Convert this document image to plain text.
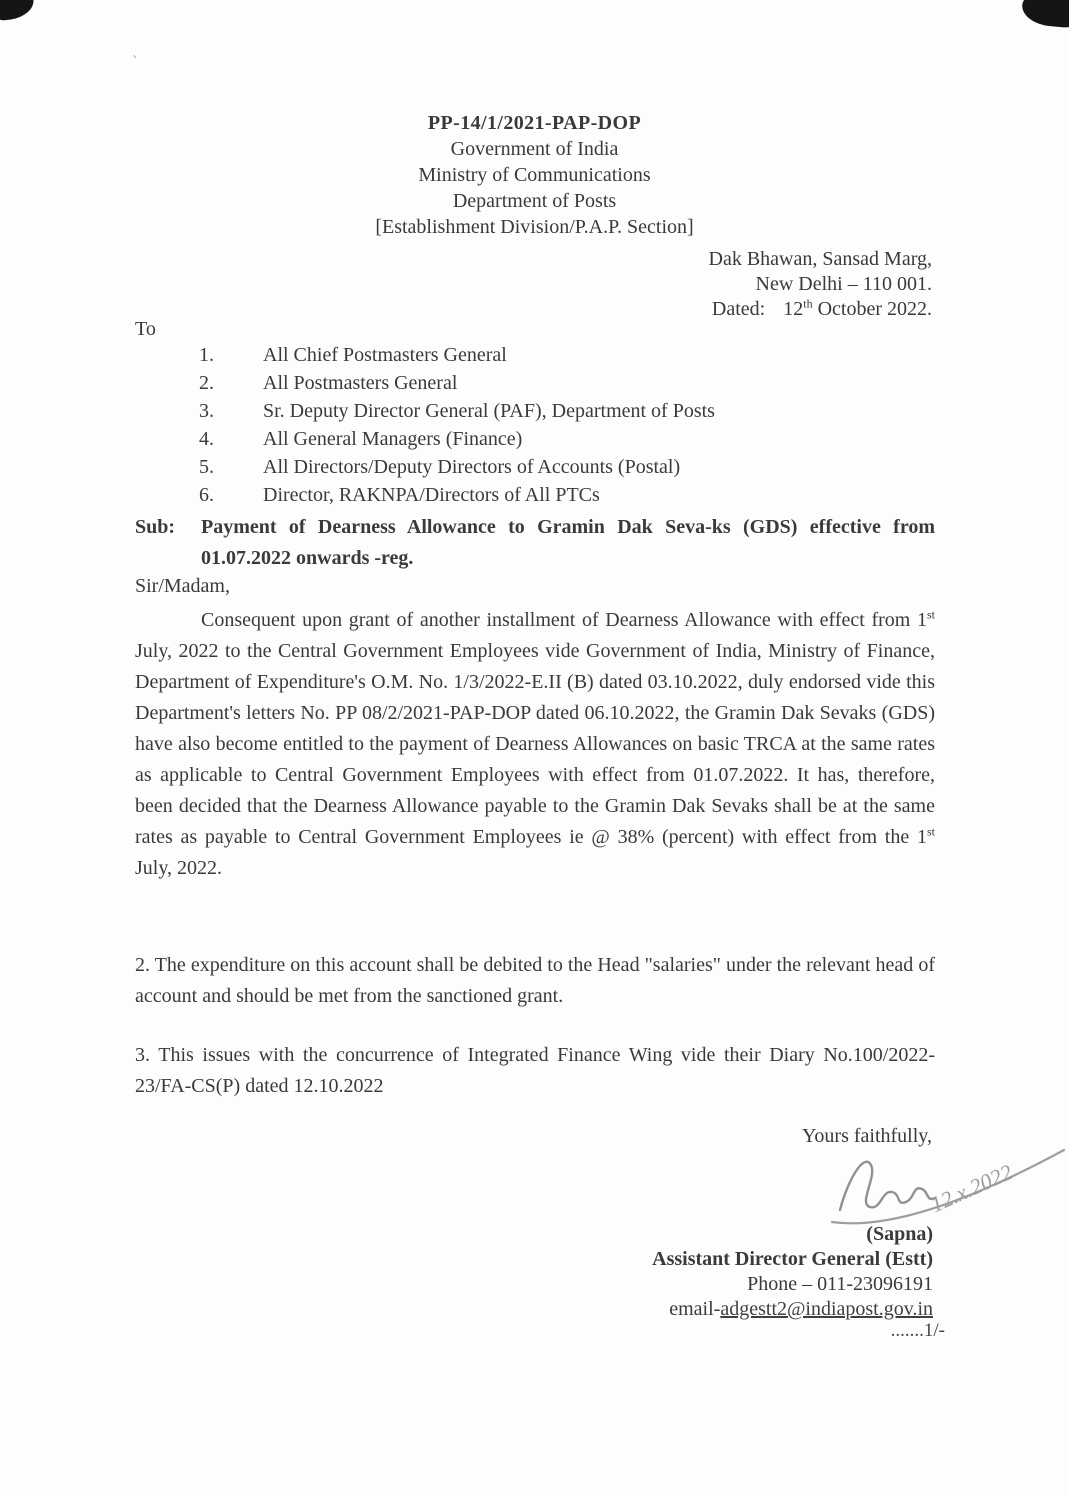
`
PP-14/1/2021-PAP-DOP
Government of India
Ministry of Communications
Department of Posts
[Establishment Division/P.A.P. Section]
Dak Bhawan, Sansad Marg,
New Delhi – 110 001.
Dated: 12th October 2022.
To
1.	All Chief Postmasters General
2.	All Postmasters General
3.	Sr. Deputy Director General (PAF), Department of Posts
4.	All General Managers (Finance)
5.	All Directors/Deputy Directors of Accounts (Postal)
6.	Director, RAKNPA/Directors of All PTCs
Sub:	Payment of Dearness Allowance to Gramin Dak Seva-ks (GDS) effective from 01.07.2022 onwards -reg.
Sir/Madam,
Consequent upon grant of another installment of Dearness Allowance with effect from 1st July, 2022 to the Central Government Employees vide Government of India, Ministry of Finance, Department of Expenditure's O.M. No. 1/3/2022-E.II (B) dated 03.10.2022, duly endorsed vide this Department's letters No. PP 08/2/2021-PAP-DOP dated 06.10.2022, the Gramin Dak Sevaks (GDS) have also become entitled to the payment of Dearness Allowances on basic TRCA at the same rates as applicable to Central Government Employees with effect from 01.07.2022. It has, therefore, been decided that the Dearness Allowance payable to the Gramin Dak Sevaks shall be at the same rates as payable to Central Government Employees ie @ 38% (percent) with effect from the 1st July, 2022.
2. The expenditure on this account shall be debited to the Head "salaries" under the relevant head of account and should be met from the sanctioned grant.
3. This issues with the concurrence of Integrated Finance Wing vide their Diary No.100/2022-23/FA-CS(P) dated 12.10.2022
Yours faithfully,
12.x.2022
(Sapna)
Assistant Director General (Estt)
Phone – 011-23096191
email-adgestt2@indiapost.gov.in
.......1/-
